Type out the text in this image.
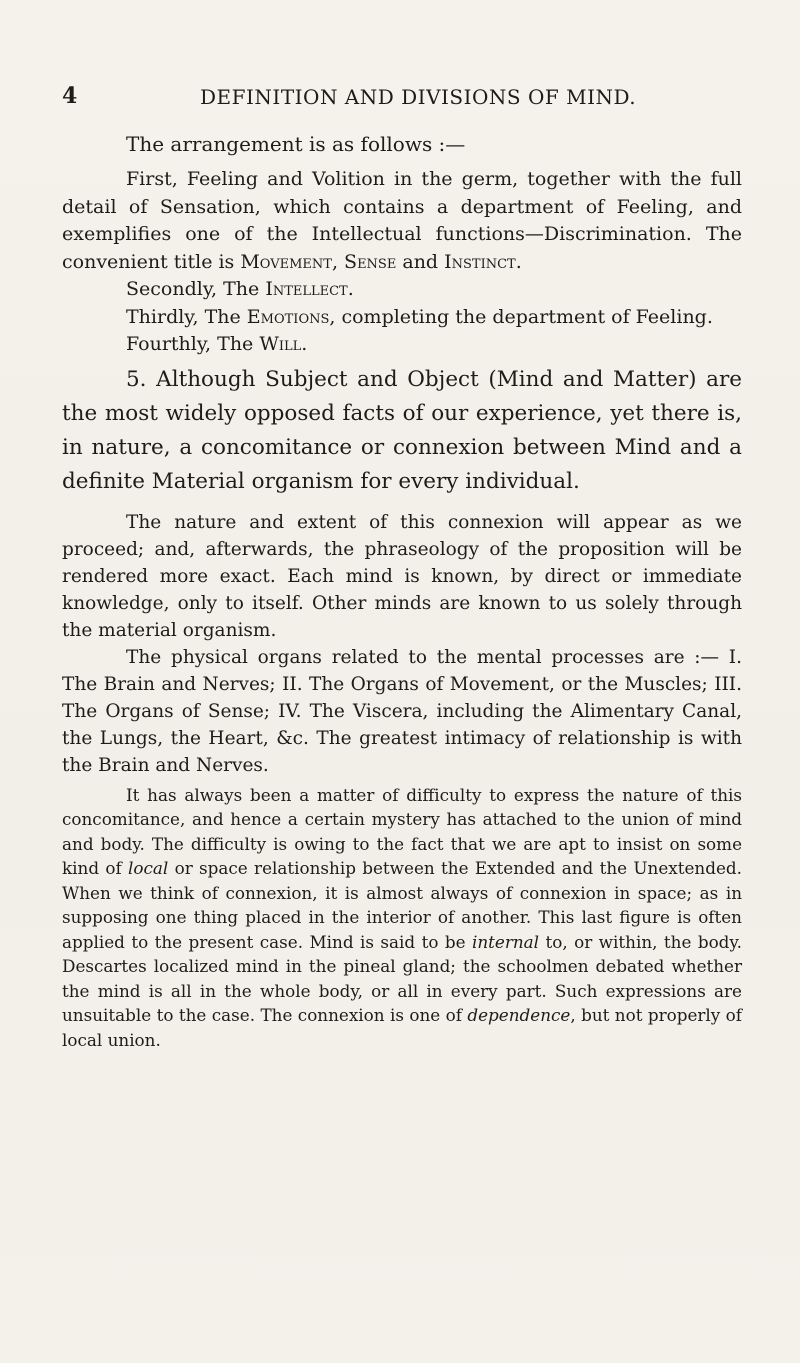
4	DEFINITION AND DIVISIONS OF MIND.

The arrangement is as follows :—

First, Feeling and Volition in the germ, together with the full detail of Sensation, which contains a department of Feeling, and exemplifies one of the Intellectual functions—Discrimination. The convenient title is Movement, Sense and Instinct.

Secondly, The Intellect.

Thirdly, The Emotions, completing the department of Feeling.

Fourthly, The Will.

5. Although Subject and Object (Mind and Matter) are the most widely opposed facts of our experience, yet there is, in nature, a concomitance or connexion between Mind and a definite Material organism for every individual.

The nature and extent of this connexion will appear as we proceed; and, afterwards, the phraseology of the proposition will be rendered more exact. Each mind is known, by direct or immediate knowledge, only to itself. Other minds are known to us solely through the material organism.

The physical organs related to the mental processes are :— I. The Brain and Nerves; II. The Organs of Movement, or the Muscles; III. The Organs of Sense; IV. The Viscera, including the Alimentary Canal, the Lungs, the Heart, &c. The greatest intimacy of relationship is with the Brain and Nerves.

It has always been a matter of difficulty to express the nature of this concomitance, and hence a certain mystery has attached to the union of mind and body. The difficulty is owing to the fact that we are apt to insist on some kind of local or space relationship between the Extended and the Unextended. When we think of connexion, it is almost always of connexion in space; as in supposing one thing placed in the interior of another. This last figure is often applied to the present case. Mind is said to be internal to, or within, the body. Descartes localized mind in the pineal gland; the schoolmen debated whether the mind is all in the whole body, or all in every part. Such expressions are unsuitable to the case. The connexion is one of dependence, but not properly of local union.
